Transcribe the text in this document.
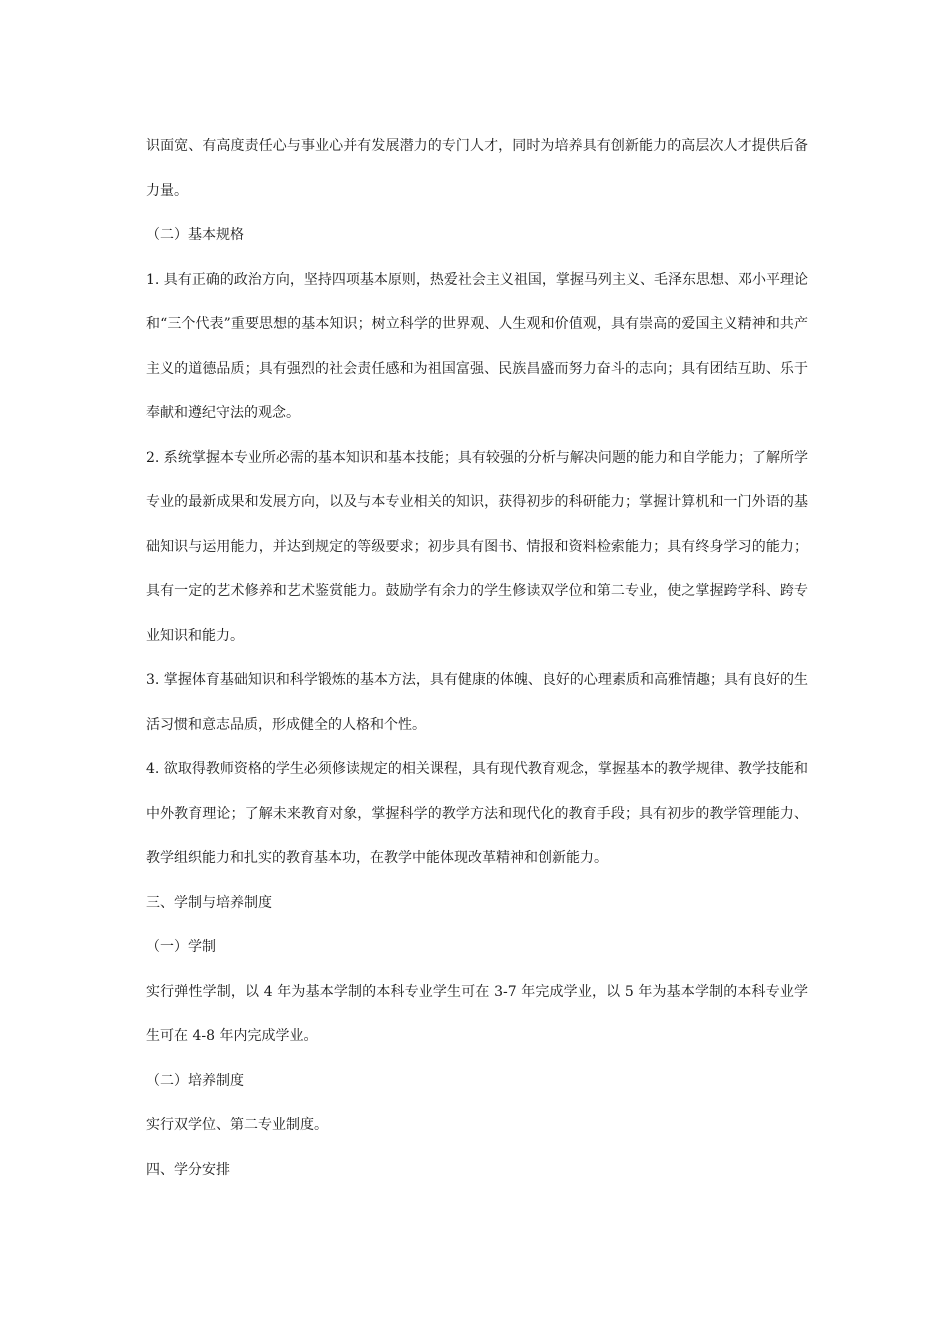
识面宽、有高度责任心与事业心并有发展潜力的专门人才，同时为培养具有创新能力的高层次人才提供后备力量。

（二）基本规格

1. 具有正确的政治方向，坚持四项基本原则，热爱社会主义祖国，掌握马列主义、毛泽东思想、邓小平理论和“三个代表”重要思想的基本知识；树立科学的世界观、人生观和价值观，具有崇高的爱国主义精神和共产主义的道德品质；具有强烈的社会责任感和为祖国富强、民族昌盛而努力奋斗的志向；具有团结互助、乐于奉献和遵纪守法的观念。

2. 系统掌握本专业所必需的基本知识和基本技能；具有较强的分析与解决问题的能力和自学能力；了解所学专业的最新成果和发展方向，以及与本专业相关的知识，获得初步的科研能力；掌握计算机和一门外语的基础知识与运用能力，并达到规定的等级要求；初步具有图书、情报和资料检索能力；具有终身学习的能力；具有一定的艺术修养和艺术鉴赏能力。鼓励学有余力的学生修读双学位和第二专业，使之掌握跨学科、跨专业知识和能力。

3. 掌握体育基础知识和科学锻炼的基本方法，具有健康的体魄、良好的心理素质和高雅情趣；具有良好的生活习惯和意志品质，形成健全的人格和个性。

4. 欲取得教师资格的学生必须修读规定的相关课程，具有现代教育观念，掌握基本的教学规律、教学技能和中外教育理论；了解未来教育对象，掌握科学的教学方法和现代化的教育手段；具有初步的教学管理能力、教学组织能力和扎实的教育基本功，在教学中能体现改革精神和创新能力。

三、学制与培养制度

（一）学制

实行弹性学制，以 4 年为基本学制的本科专业学生可在 3-7 年完成学业，以 5 年为基本学制的本科专业学生可在 4-8 年内完成学业。

（二）培养制度

实行双学位、第二专业制度。

四、学分安排
